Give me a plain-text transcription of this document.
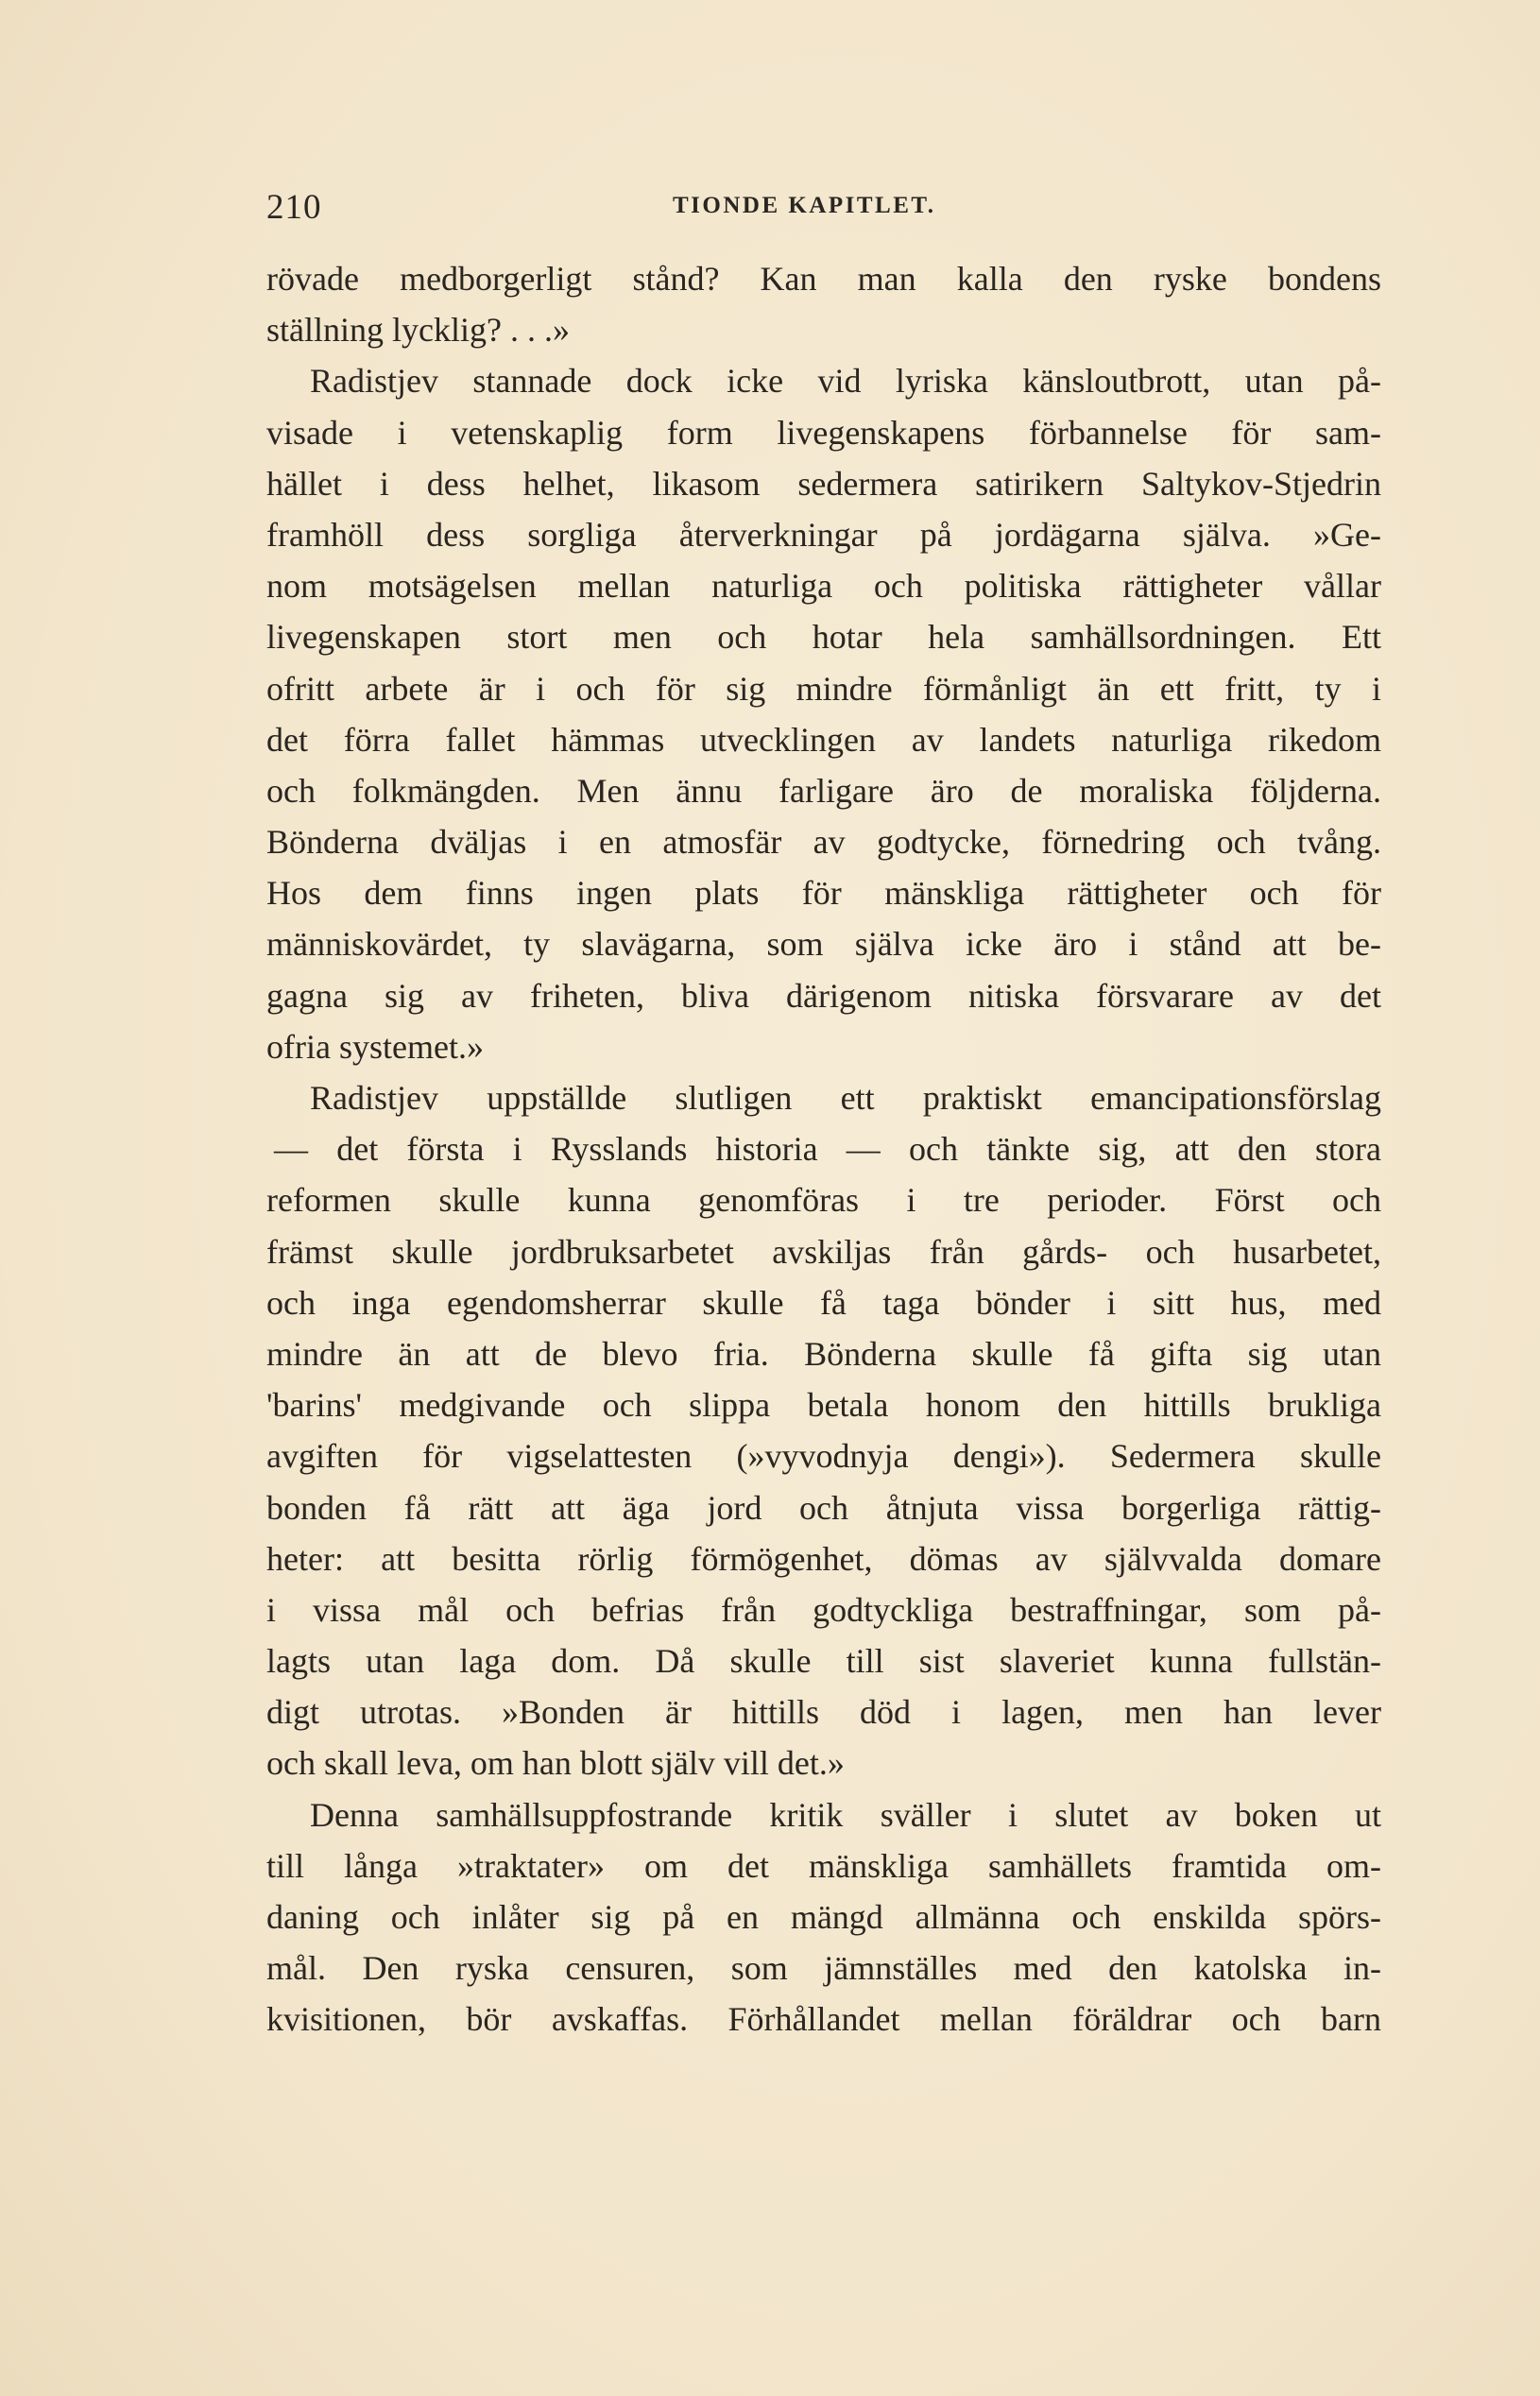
210	TIONDE KAPITLET.
rövade medborgerligt stånd? Kan man kalla den ryske bondens
ställning lycklig? . . .»
Radistjev stannade dock icke vid lyriska känsloutbrott, utan på-
visade i vetenskaplig form livegenskapens förbannelse för sam-
hället i dess helhet, likasom sedermera satirikern Saltykov-Stjedrin
framhöll dess sorgliga återverkningar på jordägarna själva. »Ge-
nom motsägelsen mellan naturliga och politiska rättigheter vållar
livegenskapen stort men och hotar hela samhällsordningen. Ett
ofritt arbete är i och för sig mindre förmånligt än ett fritt, ty i
det förra fallet hämmas utvecklingen av landets naturliga rikedom
och folkmängden. Men ännu farligare äro de moraliska följderna.
Bönderna dväljas i en atmosfär av godtycke, förnedring och tvång.
Hos dem finns ingen plats för mänskliga rättigheter och för
människovärdet, ty slavägarna, som själva icke äro i stånd att be-
gagna sig av friheten, bliva därigenom nitiska försvarare av det
ofria systemet.»
Radistjev uppställde slutligen ett praktiskt emancipationsförslag
— det första i Rysslands historia — och tänkte sig, att den stora
reformen skulle kunna genomföras i tre perioder. Först och
främst skulle jordbruksarbetet avskiljas från gårds- och husarbetet,
och inga egendomsherrar skulle få taga bönder i sitt hus, med
mindre än att de blevo fria. Bönderna skulle få gifta sig utan
'barins' medgivande och slippa betala honom den hittills brukliga
avgiften för vigselattesten (»vyvodnyja dengi»). Sedermera skulle
bonden få rätt att äga jord och åtnjuta vissa borgerliga rättig-
heter: att besitta rörlig förmögenhet, dömas av självvalda domare
i vissa mål och befrias från godtyckliga bestraffningar, som på-
lagts utan laga dom. Då skulle till sist slaveriet kunna fullstän-
digt utrotas. »Bonden är hittills död i lagen, men han lever
och skall leva, om han blott själv vill det.»
Denna samhällsuppfostrande kritik sväller i slutet av boken ut
till långa »traktater» om det mänskliga samhällets framtida om-
daning och inlåter sig på en mängd allmänna och enskilda spörs-
mål. Den ryska censuren, som jämnställes med den katolska in-
kvisitionen, bör avskaffas. Förhållandet mellan föräldrar och barn
